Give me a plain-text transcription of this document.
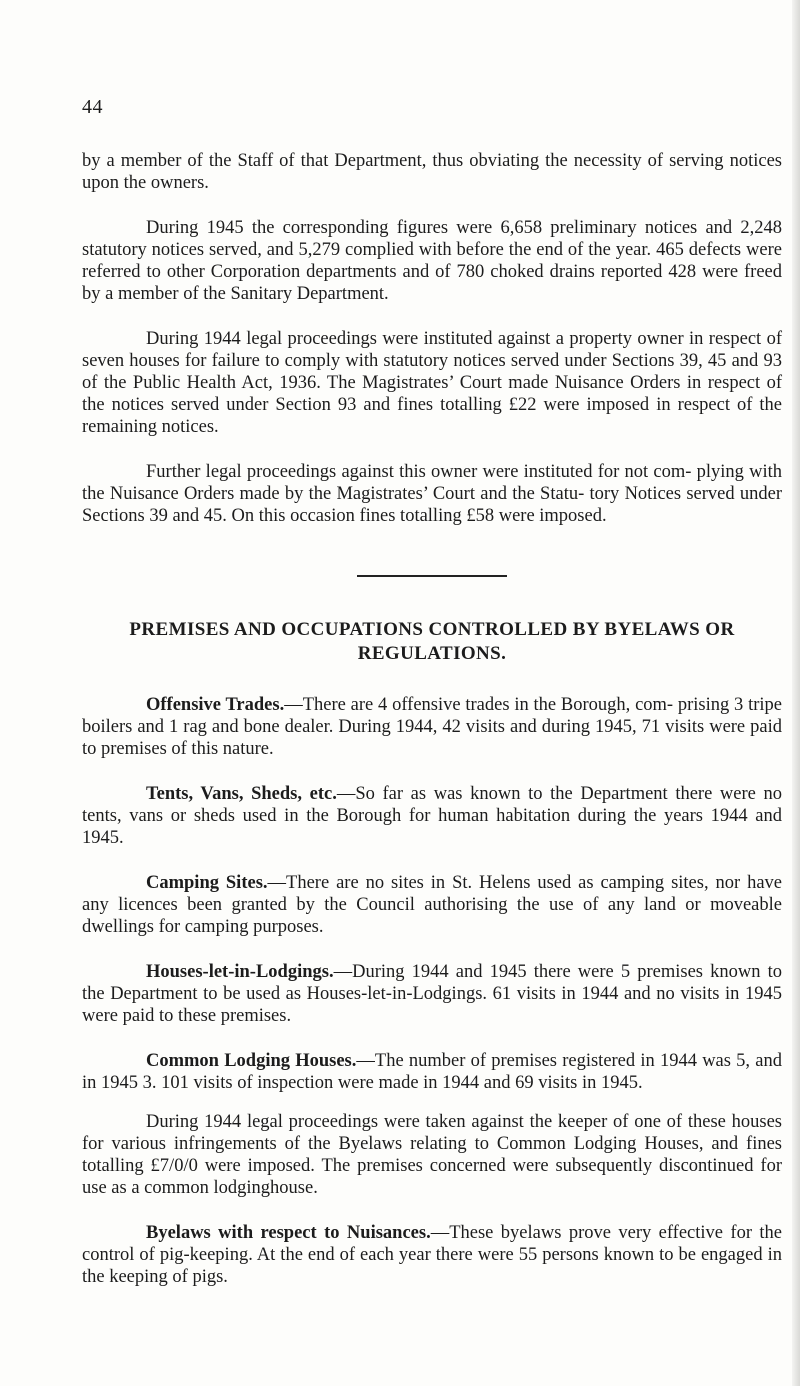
44

by a member of the Staff of that Department, thus obviating the necessity of serving notices upon the owners.

During 1945 the corresponding figures were 6,658 preliminary notices and 2,248 statutory notices served, and 5,279 complied with before the end of the year. 465 defects were referred to other Corporation departments and of 780 choked drains reported 428 were freed by a member of the Sanitary Department.

During 1944 legal proceedings were instituted against a property owner in respect of seven houses for failure to comply with statutory notices served under Sections 39, 45 and 93 of the Public Health Act, 1936. The Magistrates’ Court made Nuisance Orders in respect of the notices served under Section 93 and fines totalling £22 were imposed in respect of the remaining notices.

Further legal proceedings against this owner were instituted for not com- plying with the Nuisance Orders made by the Magistrates’ Court and the Statu- tory Notices served under Sections 39 and 45. On this occasion fines totalling £58 were imposed.

PREMISES AND OCCUPATIONS CONTROLLED BY BYELAWS OR REGULATIONS.

Offensive Trades.—There are 4 offensive trades in the Borough, com- prising 3 tripe boilers and 1 rag and bone dealer. During 1944, 42 visits and during 1945, 71 visits were paid to premises of this nature.

Tents, Vans, Sheds, etc.—So far as was known to the Department there were no tents, vans or sheds used in the Borough for human habitation during the years 1944 and 1945.

Camping Sites.—There are no sites in St. Helens used as camping sites, nor have any licences been granted by the Council authorising the use of any land or moveable dwellings for camping purposes.

Houses-let-in-Lodgings.—During 1944 and 1945 there were 5 premises known to the Department to be used as Houses-let-in-Lodgings. 61 visits in 1944 and no visits in 1945 were paid to these premises.

Common Lodging Houses.—The number of premises registered in 1944 was 5, and in 1945 3. 101 visits of inspection were made in 1944 and 69 visits in 1945.

During 1944 legal proceedings were taken against the keeper of one of these houses for various infringements of the Byelaws relating to Common Lodging Houses, and fines totalling £7/0/0 were imposed. The premises concerned were subsequently discontinued for use as a common lodginghouse.

Byelaws with respect to Nuisances.—These byelaws prove very effective for the control of pig-keeping. At the end of each year there were 55 persons known to be engaged in the keeping of pigs.
